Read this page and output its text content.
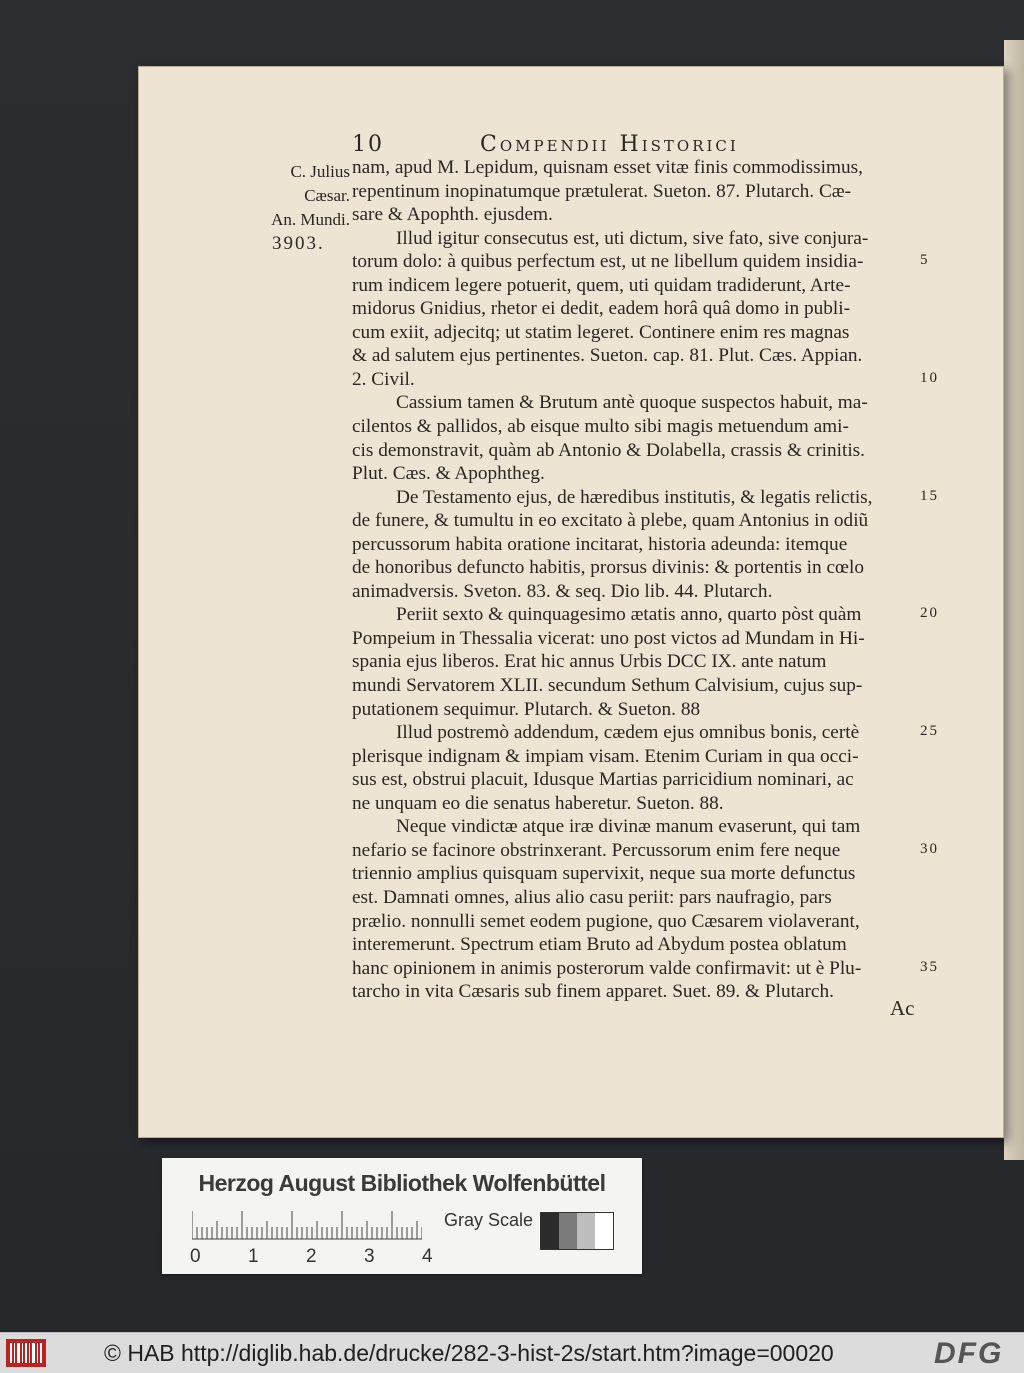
10	Compendii Historici
C. Julius
Cæsar.
An. Mundi.
3903.
nam, apud M. Lepidum, quisnam esset vitæ finis commodissimus,
repentinum inopinatumque prætulerat. Sueton. 87. Plutarch. Cæ-
sare & Apophth. ejusdem.
Illud igitur consecutus est, uti dictum, sive fato, sive conjura-
torum dolo: à quibus perfectum est, ut ne libellum quidem insidia-
rum indicem legere potuerit, quem, uti quidam tradiderunt, Arte-
midorus Gnidius, rhetor ei dedit, eadem horâ quâ domo in publi-
cum exiit, adjecitq; ut statim legeret. Continere enim res magnas
& ad salutem ejus pertinentes. Sueton. cap. 81. Plut. Cæs. Appian.
2. Civil.
Cassium tamen & Brutum antè quoque suspectos habuit, ma-
cilentos & pallidos, ab eisque multo sibi magis metuendum ami-
cis demonstravit, quàm ab Antonio & Dolabella, crassis & crinitis.
Plut. Cæs. & Apophtheg.
De Testamento ejus, de hæredibus institutis, & legatis relictis,
de funere, & tumultu in eo excitato à plebe, quam Antonius in odiũ
percussorum habita oratione incitarat, historia adeunda: itemque
de honoribus defuncto habitis, prorsus divinis: & portentis in cœlo
animadversis. Sveton. 83. & seq. Dio lib. 44. Plutarch.
Periit sexto & quinquagesimo ætatis anno, quarto pòst quàm
Pompeium in Thessalia vicerat: uno post victos ad Mundam in Hi-
spania ejus liberos. Erat hic annus Urbis DCC IX. ante natum
mundi Servatorem XLII. secundum Sethum Calvisium, cujus sup-
putationem sequimur. Plutarch. & Sueton. 88
Illud postremò addendum, cædem ejus omnibus bonis, certè
plerisque indignam & impiam visam. Etenim Curiam in qua occi-
sus est, obstrui placuit, Idusque Martias parricidium nominari, ac
ne unquam eo die senatus haberetur. Sueton. 88.
Neque vindictæ atque iræ divinæ manum evaserunt, qui tam
nefario se facinore obstrinxerant. Percussorum enim fere neque
triennio amplius quisquam supervixit, neque sua morte defunctus
est. Damnati omnes, alius alio casu periit: pars naufragio, pars
prælio. nonnulli semet eodem pugione, quo Cæsarem violaverant,
interemerunt. Spectrum etiam Bruto ad Abydum postea oblatum
hanc opinionem in animis posterorum valde confirmavit: ut è Plu-
tarcho in vita Cæsaris sub finem apparet. Suet. 89. & Plutarch.
5
10
15
20
25
30
35
Ac
Herzog August Bibliothek Wolfenbüttel
0 1 2 3 4
Gray Scale
© HAB http://diglib.hab.de/drucke/282-3-hist-2s/start.htm?image=00020	DFG
